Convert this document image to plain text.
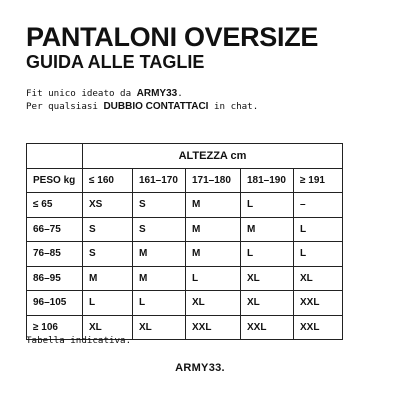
PANTALONI OVERSIZE
GUIDA ALLE TAGLIE
Fit unico ideato da ARMY33.
Per qualsiasi DUBBIO CONTATTACI in chat.
	ALTEZZA cm				
PESO kg	≤ 160	161–170	171–180	181–190	≥ 191
≤ 65	XS	S	M	L	–
66–75	S	S	M	M	L
76–85	S	M	M	L	L
86–95	M	M	L	XL	XL
96–105	L	L	XL	XL	XXL
≥ 106	XL	XL	XXL	XXL	XXL
Tabella indicativa.
ARMY33.
